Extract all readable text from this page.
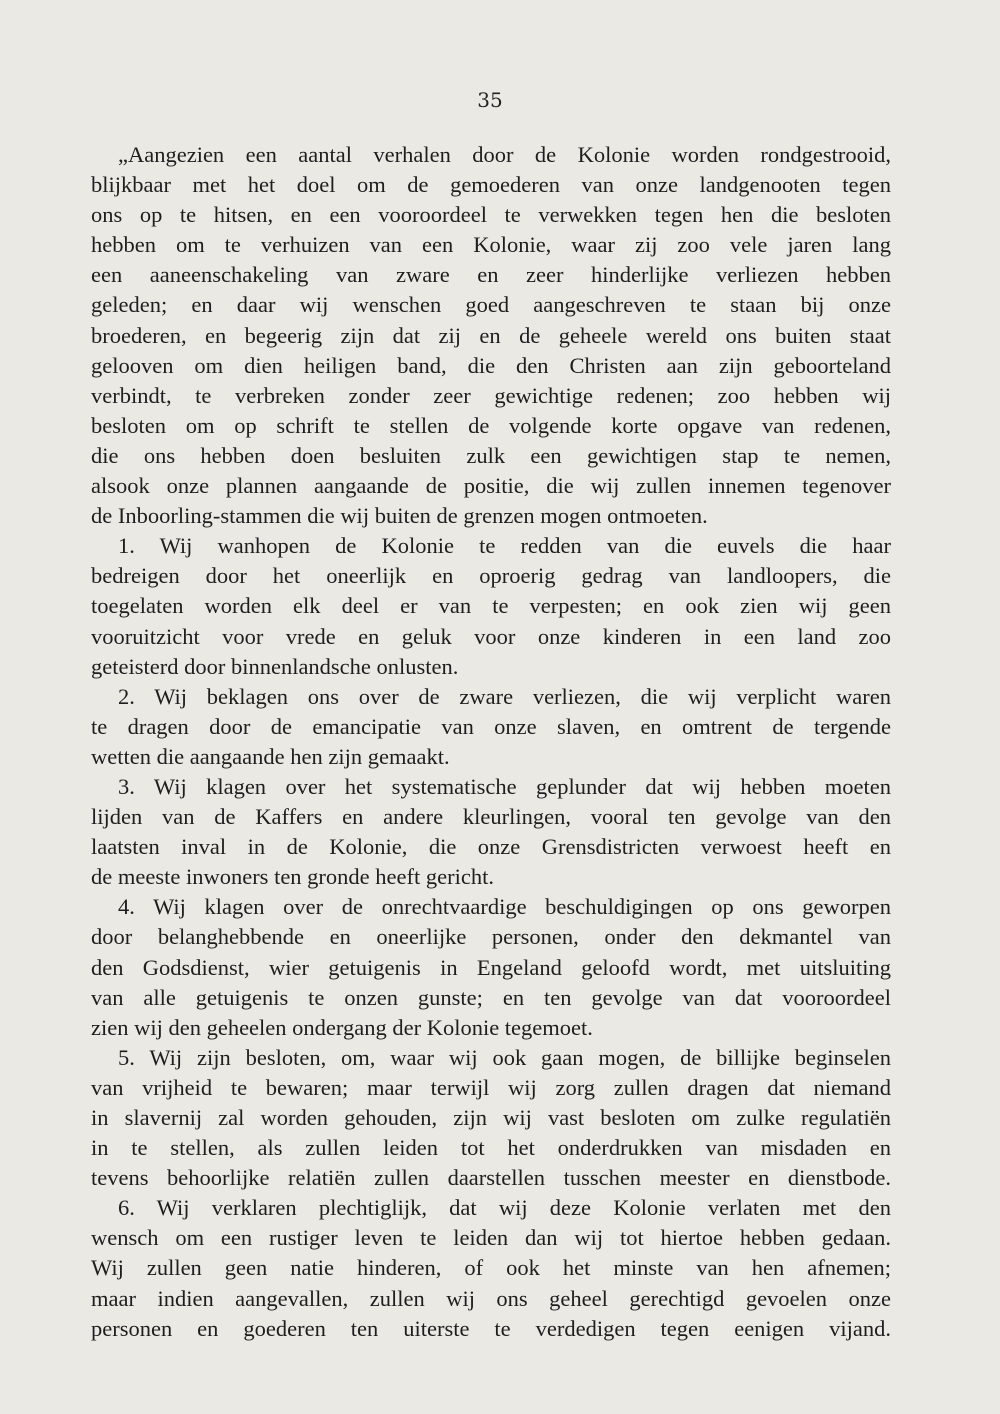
35
„Aangezien een aantal verhalen door de Kolonie worden rondgestrooid,
blijkbaar met het doel om de gemoederen van onze landgenooten tegen
ons op te hitsen, en een vooroordeel te verwekken tegen hen die besloten
hebben om te verhuizen van een Kolonie, waar zij zoo vele jaren lang
een aaneenschakeling van zware en zeer hinderlijke verliezen hebben
geleden; en daar wij wenschen goed aangeschreven te staan bij onze
broederen, en begeerig zijn dat zij en de geheele wereld ons buiten staat
gelooven om dien heiligen band, die den Christen aan zijn geboorteland
verbindt, te verbreken zonder zeer gewichtige redenen; zoo hebben wij
besloten om op schrift te stellen de volgende korte opgave van redenen,
die ons hebben doen besluiten zulk een gewichtigen stap te nemen,
alsook onze plannen aangaande de positie, die wij zullen innemen tegenover
de Inboorling-stammen die wij buiten de grenzen mogen ontmoeten.
1. Wij wanhopen de Kolonie te redden van die euvels die haar
bedreigen door het oneerlijk en oproerig gedrag van landloopers, die
toegelaten worden elk deel er van te verpesten; en ook zien wij geen
vooruitzicht voor vrede en geluk voor onze kinderen in een land zoo
geteisterd door binnenlandsche onlusten.
2. Wij beklagen ons over de zware verliezen, die wij verplicht waren
te dragen door de emancipatie van onze slaven, en omtrent de tergende
wetten die aangaande hen zijn gemaakt.
3. Wij klagen over het systematische geplunder dat wij hebben moeten
lijden van de Kaffers en andere kleurlingen, vooral ten gevolge van den
laatsten inval in de Kolonie, die onze Grensdistricten verwoest heeft en
de meeste inwoners ten gronde heeft gericht.
4. Wij klagen over de onrechtvaardige beschuldigingen op ons geworpen
door belanghebbende en oneerlijke personen, onder den dekmantel van
den Godsdienst, wier getuigenis in Engeland geloofd wordt, met uitsluiting
van alle getuigenis te onzen gunste; en ten gevolge van dat vooroordeel
zien wij den geheelen ondergang der Kolonie tegemoet.
5. Wij zijn besloten, om, waar wij ook gaan mogen, de billijke beginselen
van vrijheid te bewaren; maar terwijl wij zorg zullen dragen dat niemand
in slavernij zal worden gehouden, zijn wij vast besloten om zulke regulatiën
in te stellen, als zullen leiden tot het onderdrukken van misdaden en
tevens behoorlijke relatiën zullen daarstellen tusschen meester en dienstbode.
6. Wij verklaren plechtiglijk, dat wij deze Kolonie verlaten met den
wensch om een rustiger leven te leiden dan wij tot hiertoe hebben gedaan.
Wij zullen geen natie hinderen, of ook het minste van hen afnemen;
maar indien aangevallen, zullen wij ons geheel gerechtigd gevoelen onze
personen en goederen ten uiterste te verdedigen tegen eenigen vijand.
